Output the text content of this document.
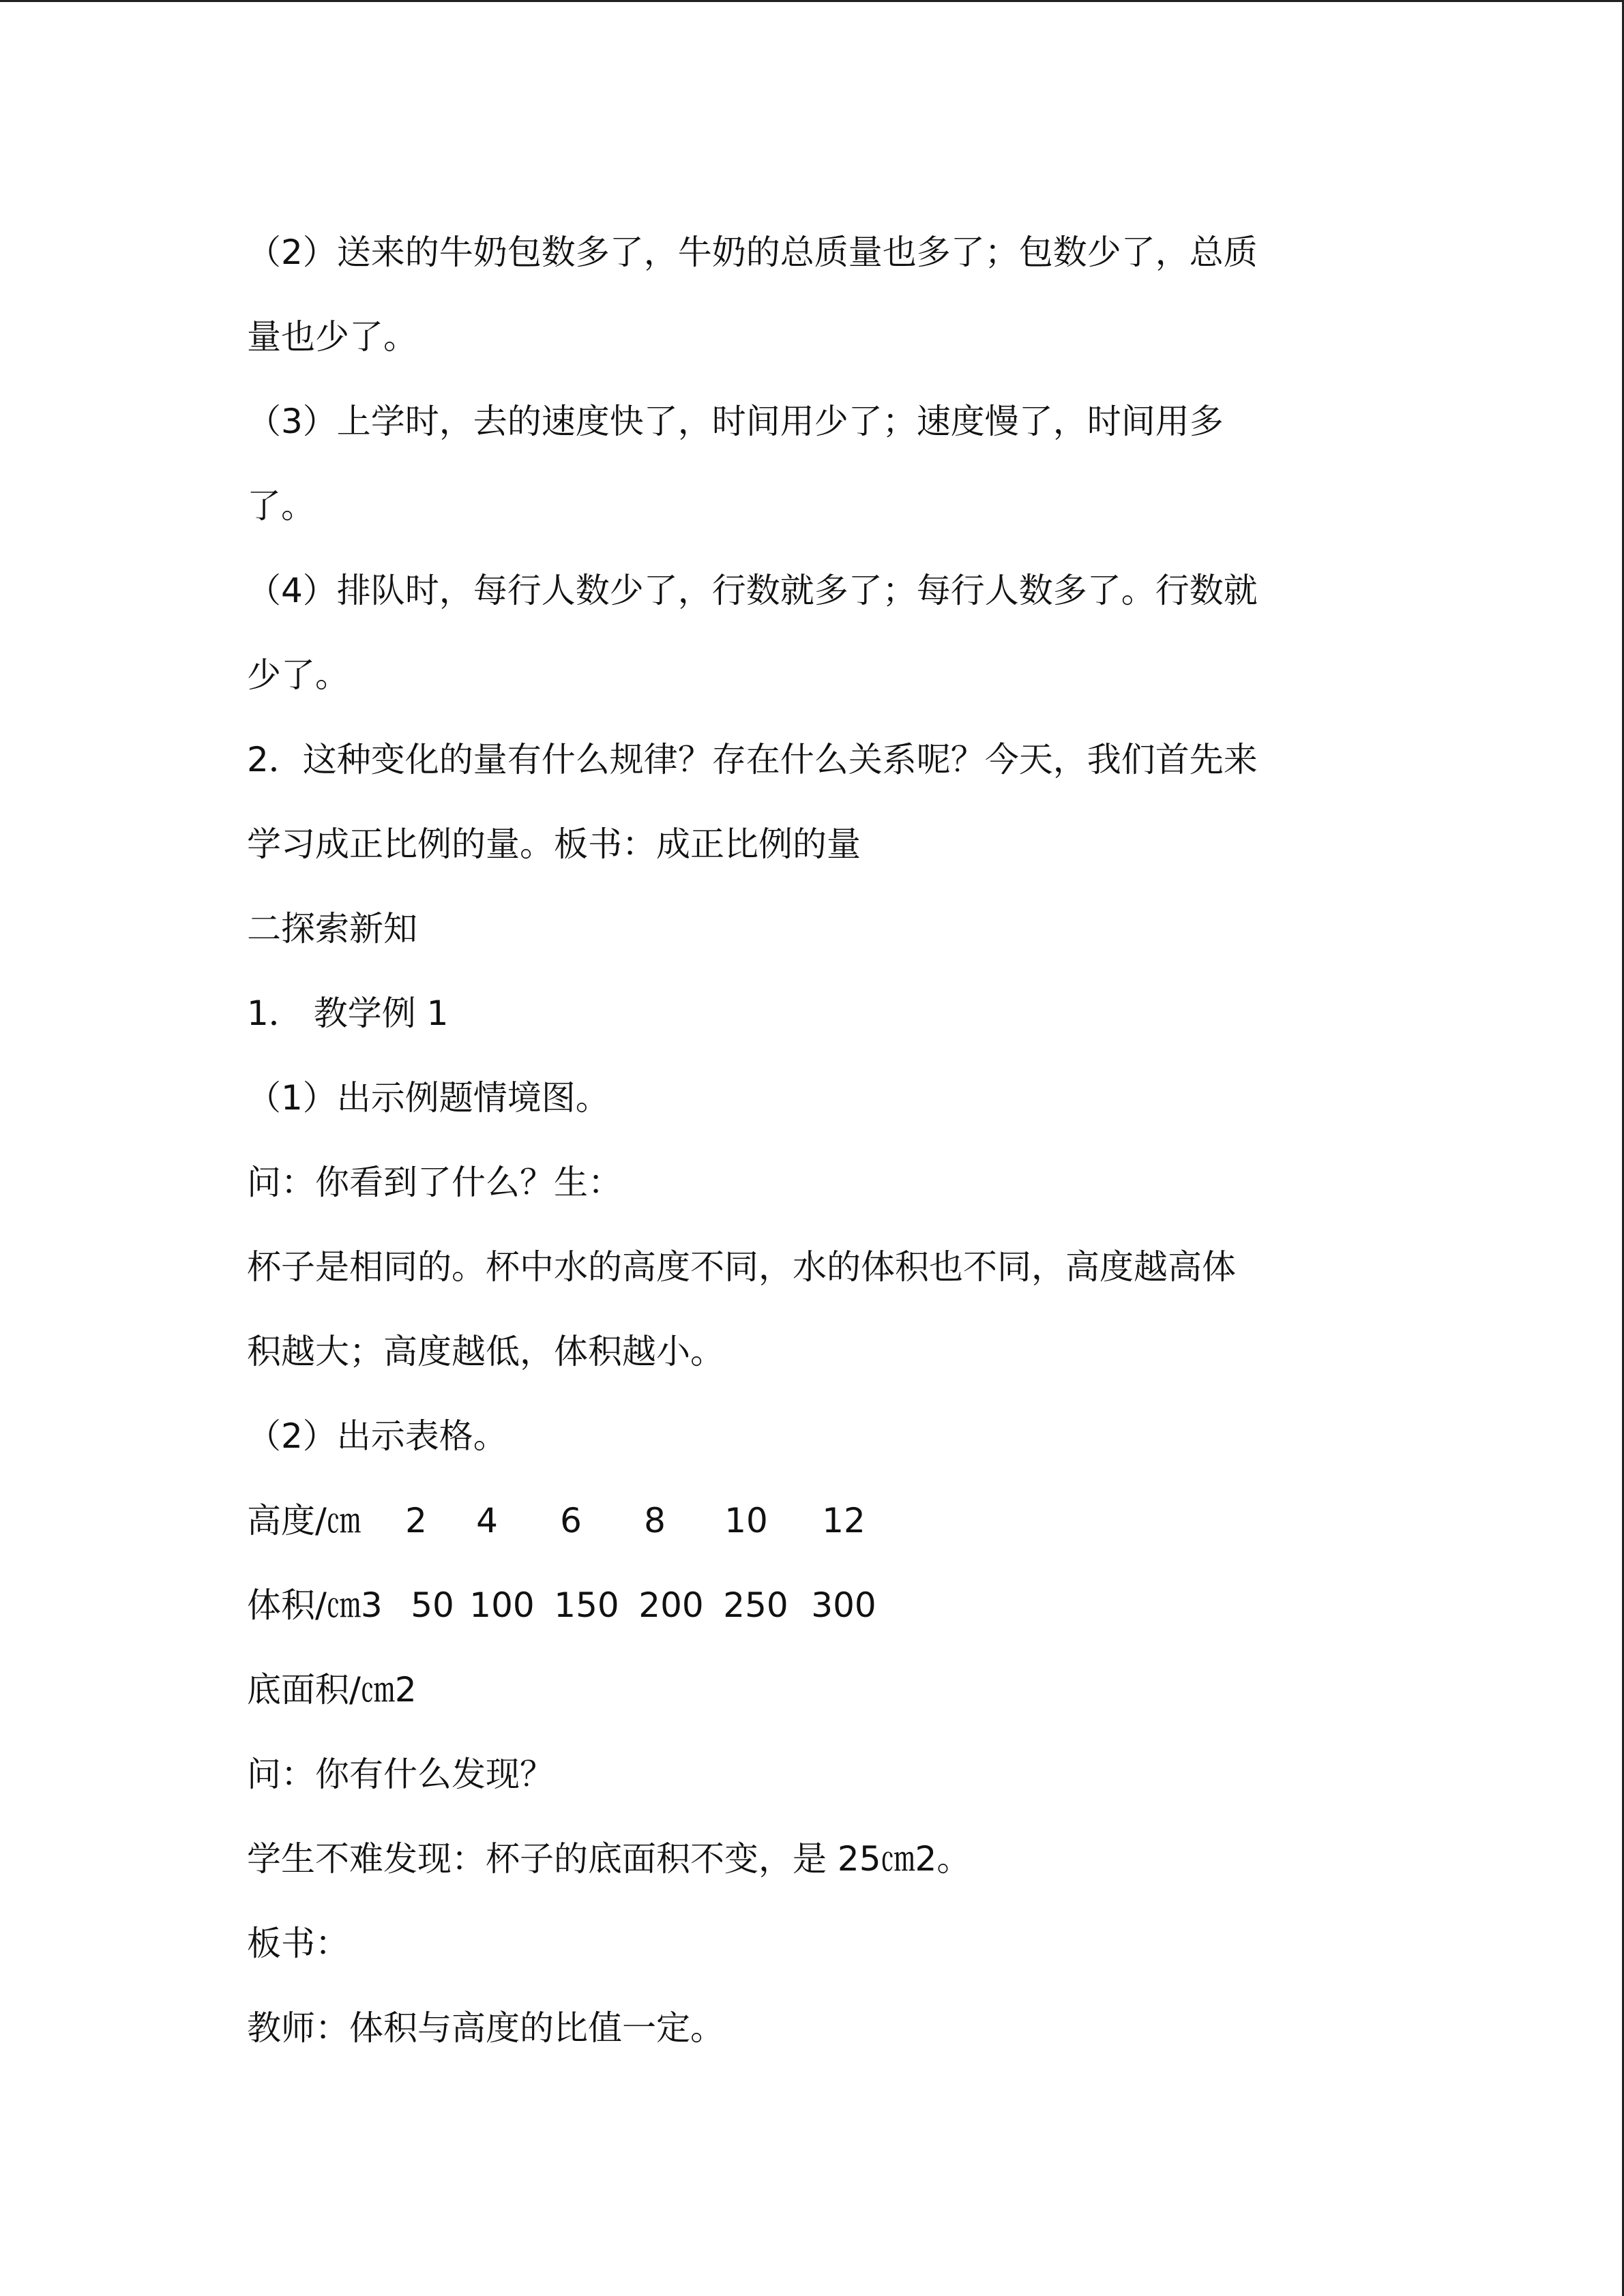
（2）送来的牛奶包数多了，牛奶的总质量也多了；包数少了，总质
量也少了。
（3）上学时，去的速度快了，时间用少了；速度慢了，时间用多
了。
（4）排队时，每行人数少了，行数就多了；每行人数多了。行数就
少了。
2．这种变化的量有什么规律？存在什么关系呢？今天，我们首先来
学习成正比例的量。板书：成正比例的量
二探索新知
1． 教学例 1
（1）出示例题情境图。
问：你看到了什么？生：
杯子是相同的。杯中水的高度不同，水的体积也不同，高度越高体
积越大；高度越低，体积越小。
（2）出示表格。
高度/㎝	2	4	6	8	10	12
体积/㎝3 50 100 150 200 250 300
底面积/㎝2
问：你有什么发现？
学生不难发现：杯子的底面积不变，是 25㎝2。
板书：
教师：体积与高度的比值一定。
